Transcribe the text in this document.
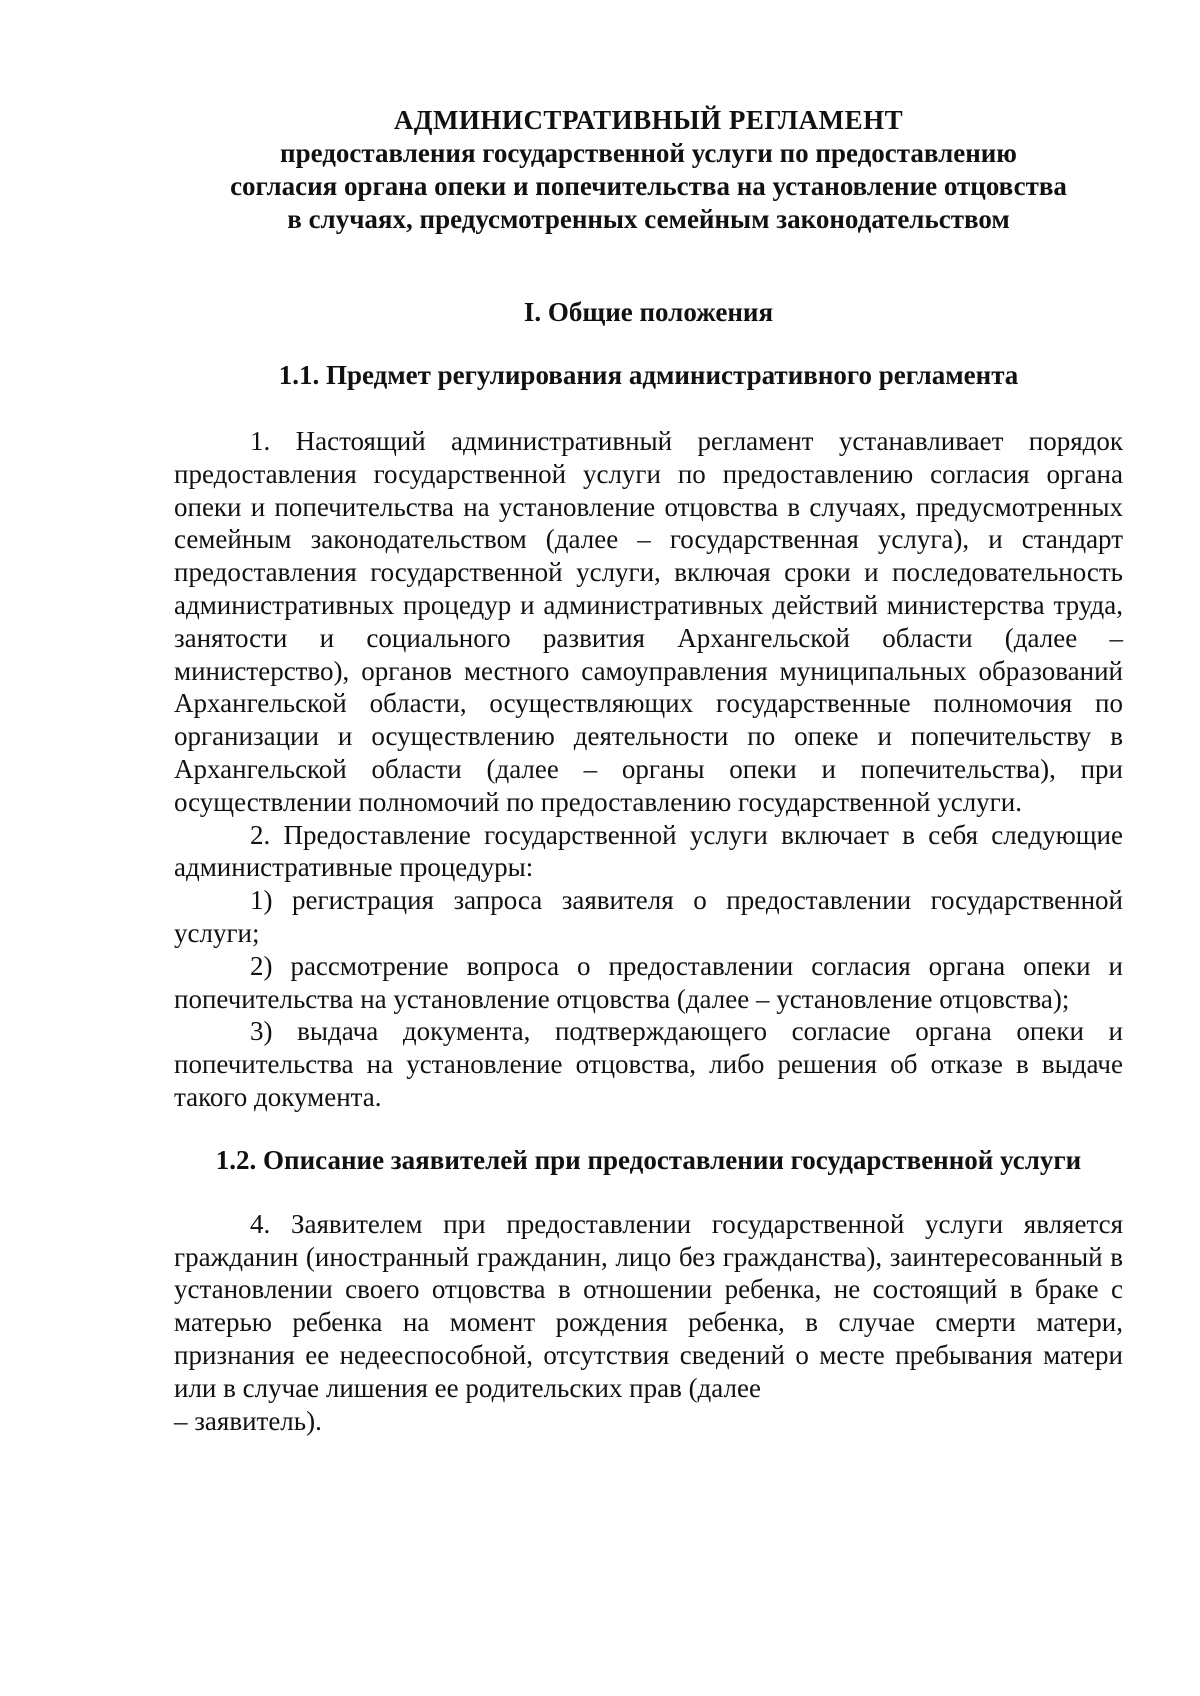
АДМИНИСТРАТИВНЫЙ РЕГЛАМЕНТ
предоставления государственной услуги по предоставлению
согласия органа опеки и попечительства на установление отцовства
в случаях, предусмотренных семейным законодательством
I. Общие положения
1.1. Предмет регулирования административного регламента

1. Настоящий административный регламент устанавливает порядок предоставления государственной услуги по предоставлению согласия органа опеки и попечительства на установление отцовства в случаях, предусмотренных семейным законодательством (далее – государственная услуга), и стандарт предоставления государственной услуги, включая сроки и последовательность административных процедур и административных действий министерства труда, занятости и социального развития Архангельской области (далее – министерство), органов местного самоуправления муниципальных образований Архангельской области, осуществляющих государственные полномочия по организации и осуществлению деятельности по опеке и попечительству в Архангельской области (далее – органы опеки и попечительства), при осуществлении полномочий по предоставлению государственной услуги.

2. Предоставление государственной услуги включает в себя следующие административные процедуры:

1) регистрация запроса заявителя о предоставлении государственной услуги;

2) рассмотрение вопроса о предоставлении согласия органа опеки и попечительства на установление отцовства (далее – установление отцовства);

3) выдача документа, подтверждающего согласие органа опеки и попечительства на установление отцовства, либо решения об отказе в выдаче такого документа.

1.2. Описание заявителей при предоставлении государственной услуги

4. Заявителем при предоставлении государственной услуги является гражданин (иностранный гражданин, лицо без гражданства), заинтересованный в установлении своего отцовства в отношении ребенка, не состоящий в браке с матерью ребенка на момент рождения ребенка, в случае смерти матери, признания ее недееспособной, отсутствия сведений о месте пребывания матери или в случае лишения ее родительских прав (далее

– заявитель).
